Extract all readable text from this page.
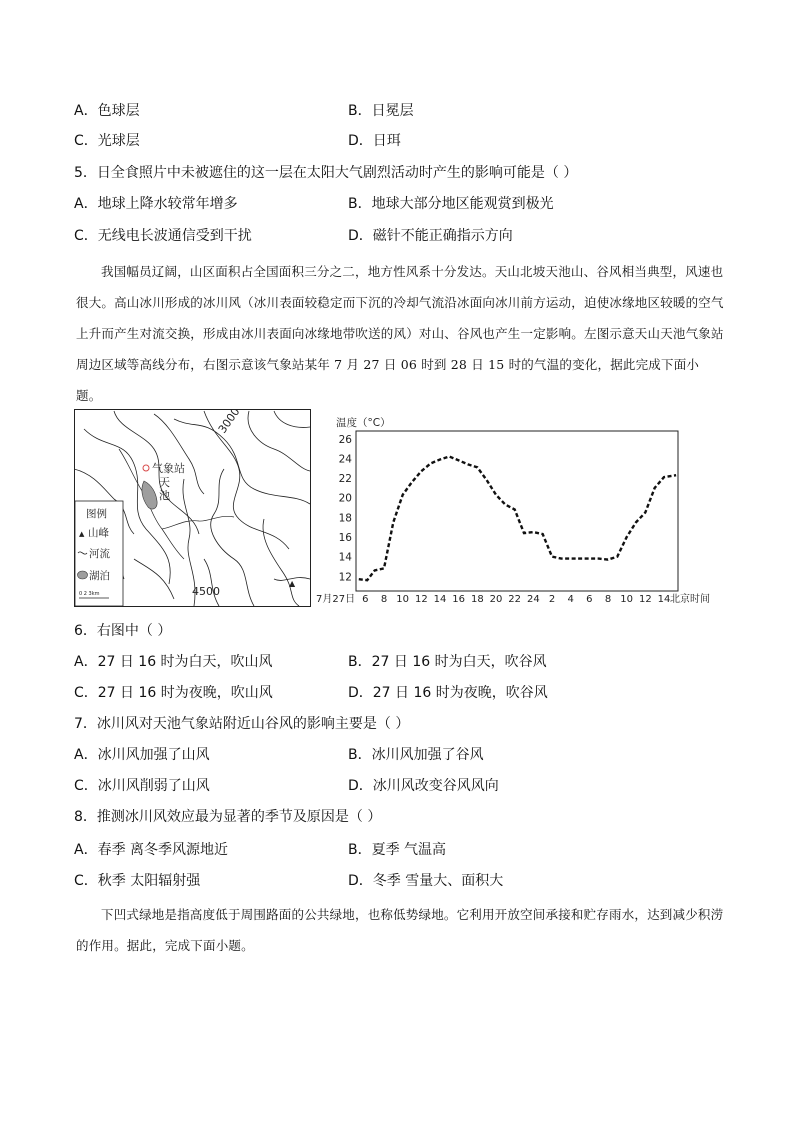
A．色球层	B．日冕层
C．光球层	D．日珥
5．日全食照片中未被遮住的这一层在太阳大气剧烈活动时产生的影响可能是（ ）
A．地球上降水较常年增多	B．地球大部分地区能观赏到极光
C．无线电长波通信受到干扰	D．磁针不能正确指示方向
我国幅员辽阔，山区面积占全国面积三分之二，地方性风系十分发达。天山北坡天池山、谷风相当典型，风速也很大。高山冰川形成的冰川风（冰川表面较稳定而下沉的冷却气流沿冰面向冰川前方运动，迫使冰缘地区较暖的空气上升而产生对流交换，形成由冰川表面向冰缘地带吹送的风）对山、谷风也产生一定影响。左图示意天山天池气象站周边区域等高线分布，右图示意该气象站某年 7 月 27 日 06 时到 28 日 15 时的气温的变化，据此完成下面小题。
气象站
天
池
3000
4500
▲
图例
▲ 山峰
河流
湖泊
0 2 3km
温度（°C）
26
24
22
20
18
16
14
12
6 8 10 12 14 16 18 20 22 24 2 4 6 8 10 12 14
7月27日	北京时间
6．右图中（ ）
A．27 日 16 时为白天，吹山风	B．27 日 16 时为白天，吹谷风
C．27 日 16 时为夜晚，吹山风	D．27 日 16 时为夜晚，吹谷风
7．冰川风对天池气象站附近山谷风的影响主要是（ ）
A．冰川风加强了山风	B．冰川风加强了谷风
C．冰川风削弱了山风	D．冰川风改变谷风风向
8．推测冰川风效应最为显著的季节及原因是（ ）
A．春季 离冬季风源地近	B．夏季 气温高
C．秋季 太阳辐射强	D．冬季 雪量大、面积大
下凹式绿地是指高度低于周围路面的公共绿地，也称低势绿地。它利用开放空间承接和贮存雨水，达到减少积涝的作用。据此，完成下面小题。
